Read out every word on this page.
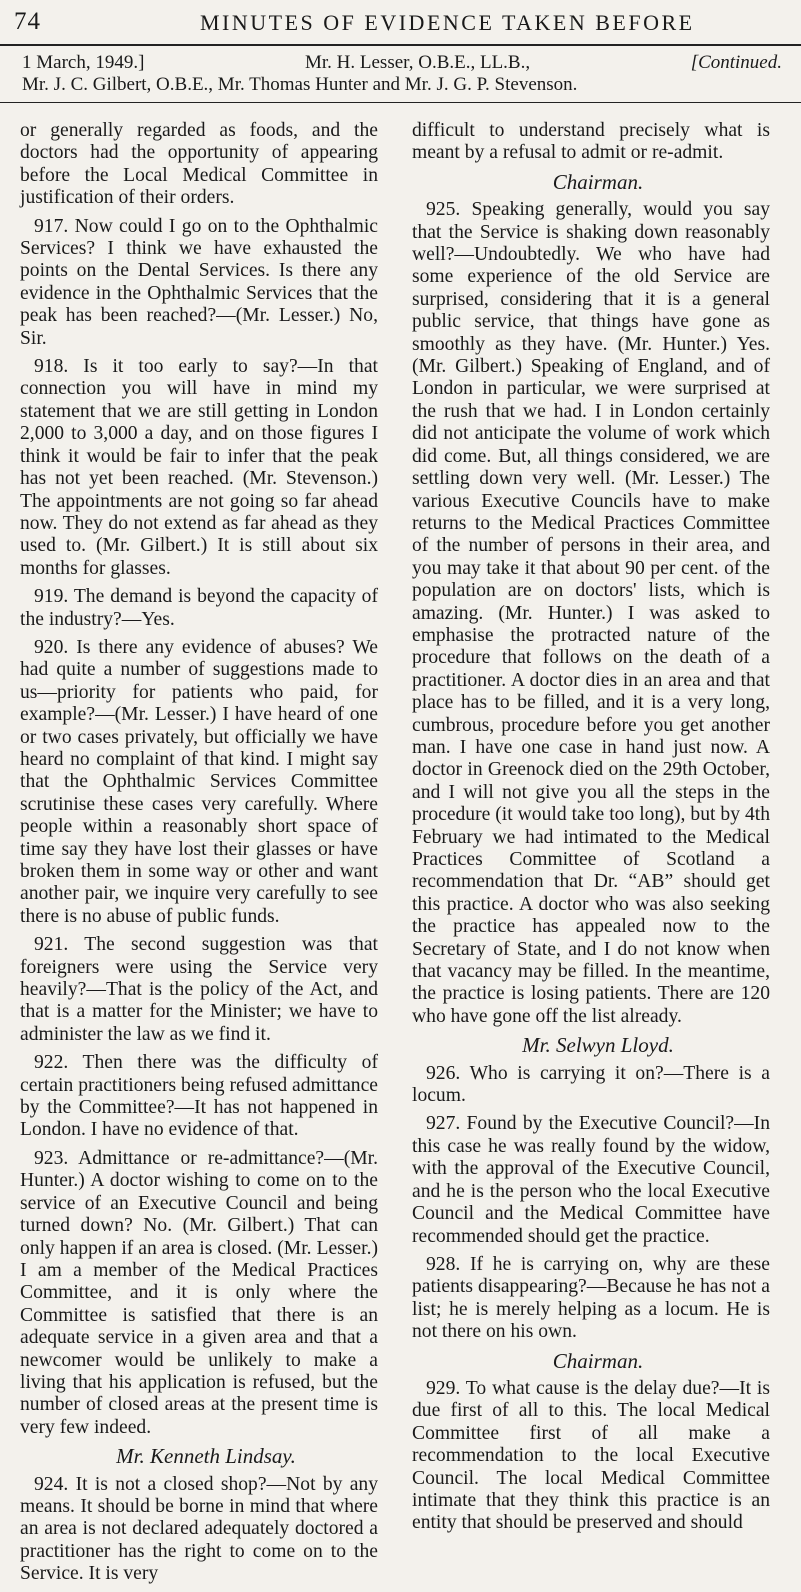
74	MINUTES OF EVIDENCE TAKEN BEFORE
1 March, 1949.]	Mr. H. Lesser, O.B.E., LL.B.,	[Continued.
Mr. J. C. Gilbert, O.B.E., Mr. Thomas Hunter and Mr. J. G. P. Stevenson.

or generally regarded as foods, and the doctors had the opportunity of appearing before the Local Medical Committee in justification of their orders.

917. Now could I go on to the Ophthalmic Services? I think we have exhausted the points on the Dental Services. Is there any evidence in the Ophthalmic Services that the peak has been reached?—(Mr. Lesser.) No, Sir.

918. Is it too early to say?—In that connection you will have in mind my statement that we are still getting in London 2,000 to 3,000 a day, and on those figures I think it would be fair to infer that the peak has not yet been reached. (Mr. Stevenson.) The appointments are not going so far ahead now. They do not extend as far ahead as they used to. (Mr. Gilbert.) It is still about six months for glasses.

919. The demand is beyond the capacity of the industry?—Yes.

920. Is there any evidence of abuses? We had quite a number of suggestions made to us—priority for patients who paid, for example?—(Mr. Lesser.) I have heard of one or two cases privately, but officially we have heard no complaint of that kind. I might say that the Ophthalmic Services Committee scrutinise these cases very carefully. Where people within a reasonably short space of time say they have lost their glasses or have broken them in some way or other and want another pair, we inquire very carefully to see there is no abuse of public funds.

921. The second suggestion was that foreigners were using the Service very heavily?—That is the policy of the Act, and that is a matter for the Minister; we have to administer the law as we find it.

922. Then there was the difficulty of certain practitioners being refused admittance by the Committee?—It has not happened in London. I have no evidence of that.

923. Admittance or re-admittance?—(Mr. Hunter.) A doctor wishing to come on to the service of an Executive Council and being turned down? No. (Mr. Gilbert.) That can only happen if an area is closed. (Mr. Lesser.) I am a member of the Medical Practices Committee, and it is only where the Committee is satisfied that there is an adequate service in a given area and that a newcomer would be unlikely to make a living that his application is refused, but the number of closed areas at the present time is very few indeed.

Mr. Kenneth Lindsay.

924. It is not a closed shop?—Not by any means. It should be borne in mind that where an area is not declared adequately doctored a practitioner has the right to come on to the Service. It is very

difficult to understand precisely what is meant by a refusal to admit or re-admit.

Chairman.

925. Speaking generally, would you say that the Service is shaking down reasonably well?—Undoubtedly. We who have had some experience of the old Service are surprised, considering that it is a general public service, that things have gone as smoothly as they have. (Mr. Hunter.) Yes. (Mr. Gilbert.) Speaking of England, and of London in particular, we were surprised at the rush that we had. I in London certainly did not anticipate the volume of work which did come. But, all things considered, we are settling down very well. (Mr. Lesser.) The various Executive Councils have to make returns to the Medical Practices Committee of the number of persons in their area, and you may take it that about 90 per cent. of the population are on doctors' lists, which is amazing. (Mr. Hunter.) I was asked to emphasise the protracted nature of the procedure that follows on the death of a practitioner. A doctor dies in an area and that place has to be filled, and it is a very long, cumbrous, procedure before you get another man. I have one case in hand just now. A doctor in Greenock died on the 29th October, and I will not give you all the steps in the procedure (it would take too long), but by 4th February we had intimated to the Medical Practices Committee of Scotland a recommendation that Dr. “AB” should get this practice. A doctor who was also seeking the practice has appealed now to the Secretary of State, and I do not know when that vacancy may be filled. In the meantime, the practice is losing patients. There are 120 who have gone off the list already.

Mr. Selwyn Lloyd.

926. Who is carrying it on?—There is a locum.

927. Found by the Executive Council?—In this case he was really found by the widow, with the approval of the Executive Council, and he is the person who the local Executive Council and the Medical Committee have recommended should get the practice.

928. If he is carrying on, why are these patients disappearing?—Because he has not a list; he is merely helping as a locum. He is not there on his own.

Chairman.

929. To what cause is the delay due?—It is due first of all to this. The local Medical Committee first of all make a recommendation to the local Executive Council. The local Medical Committee intimate that they think this practice is an entity that should be preserved and should
